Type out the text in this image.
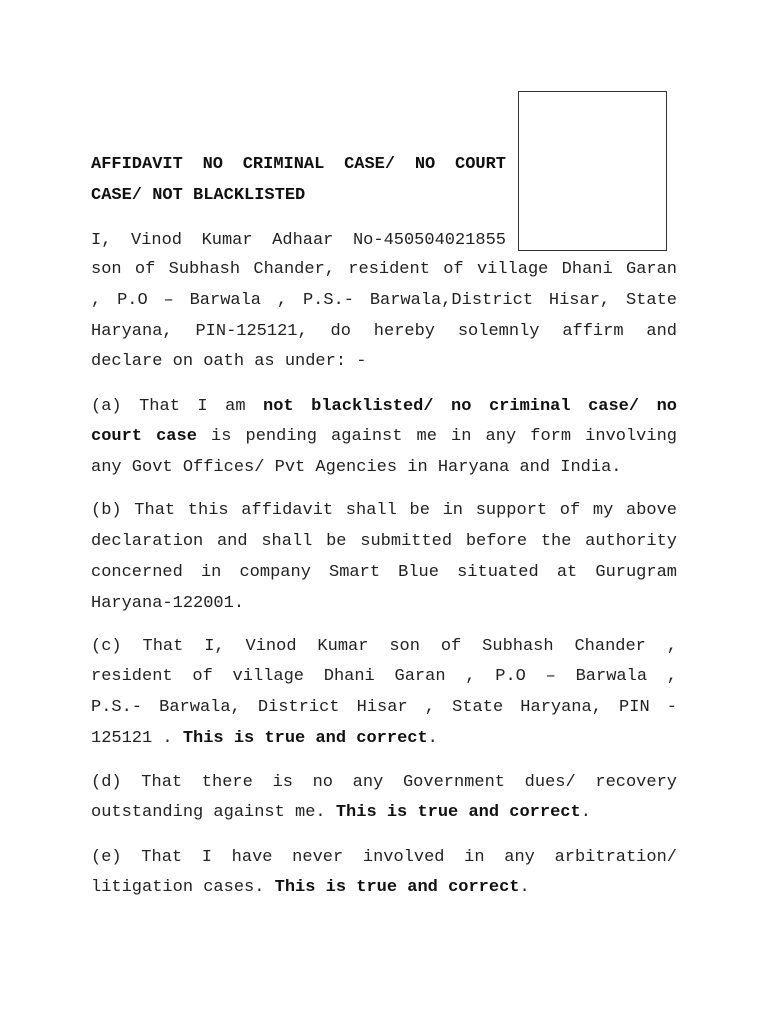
AFFIDAVIT NO CRIMINAL CASE/ NO COURT
CASE/ NOT BLACKLISTED
I, Vinod Kumar Adhaar No-450504021855
son of Subhash Chander, resident of village Dhani Garan
, P.O – Barwala , P.S.- Barwala,District Hisar, State
Haryana, PIN-125121, do hereby solemnly affirm and
declare on oath as under: -
(a) That I am not blacklisted/ no criminal case/ no
court case is pending against me in any form involving
any Govt Offices/ Pvt Agencies in Haryana and India.
(b) That this affidavit shall be in support of my above
declaration and shall be submitted before the authority
concerned in company Smart Blue situated at Gurugram
Haryana-122001.
(c) That I, Vinod Kumar son of Subhash Chander ,
resident of village Dhani Garan , P.O – Barwala ,
P.S.- Barwala, District Hisar , State Haryana, PIN -
125121 . This is true and correct.
(d) That there is no any Government dues/ recovery
outstanding against me. This is true and correct.
(e) That I have never involved in any arbitration/
litigation cases. This is true and correct.
